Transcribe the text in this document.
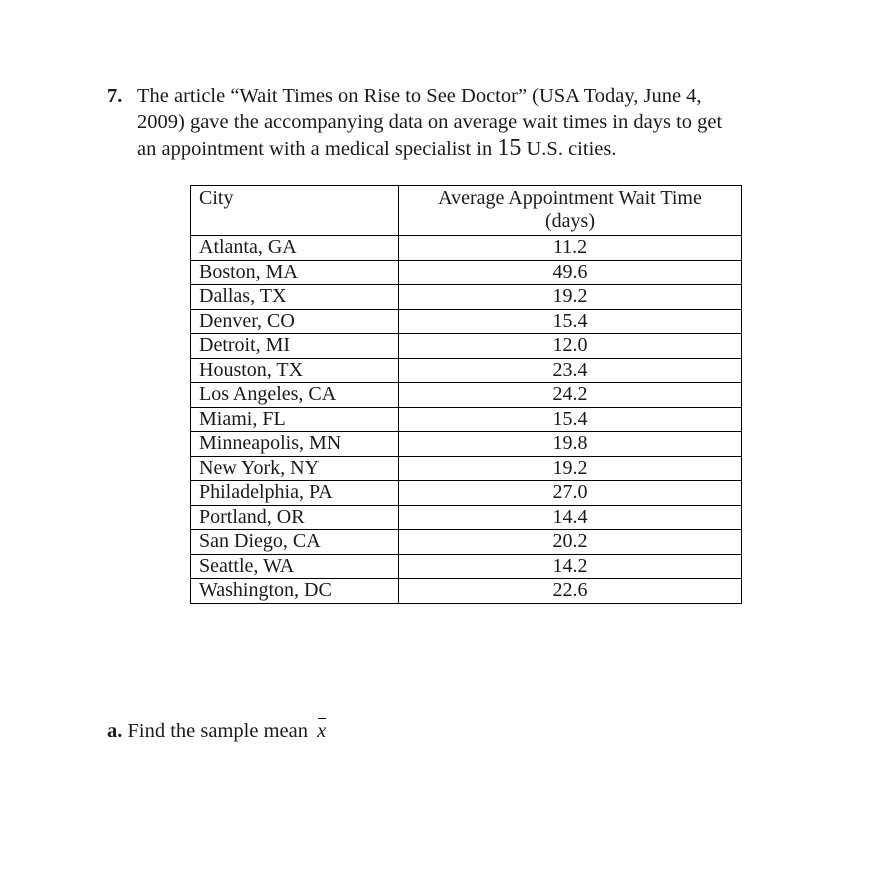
7. The article “Wait Times on Rise to See Doctor” (USA Today, June 4,
2009) gave the accompanying data on average wait times in days to get
an appointment with a medical specialist in 15 U.S. cities.
City	Average Appointment Wait Time
(days)

Atlanta, GA	11.2
Boston, MA	49.6
Dallas, TX	19.2
Denver, CO	15.4
Detroit, MI	12.0
Houston, TX	23.4
Los Angeles, CA	24.2
Miami, FL	15.4
Minneapolis, MN	19.8
New York, NY	19.2
Philadelphia, PA	27.0
Portland, OR	14.4
San Diego, CA	20.2
Seattle, WA	14.2
Washington, DC	22.6
a. Find the sample mean x
